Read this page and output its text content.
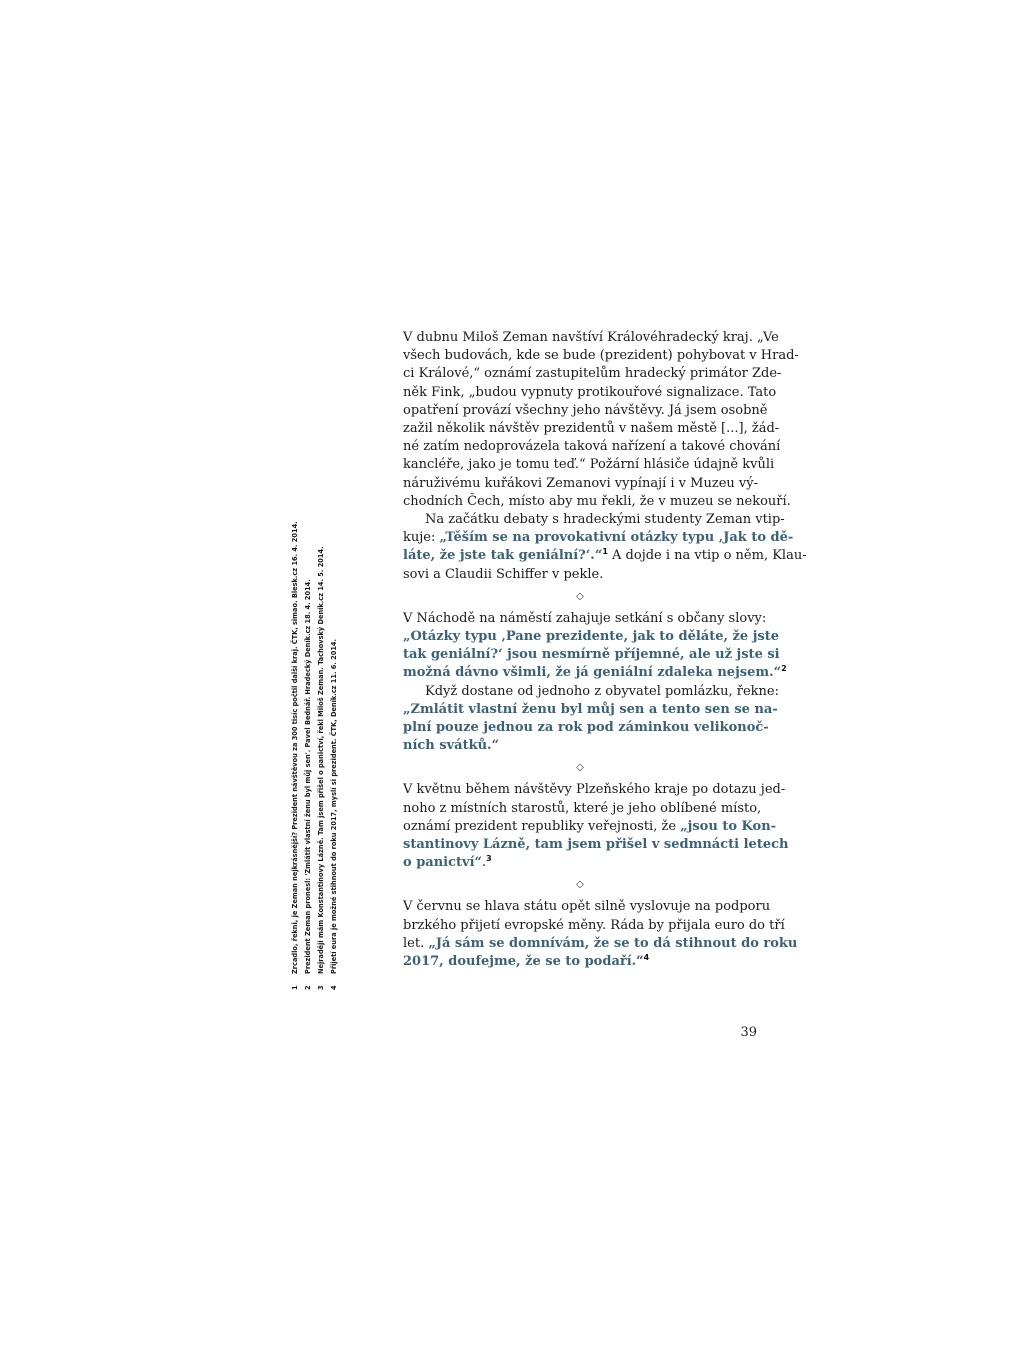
1Zrcadlo, řekni, je Zeman nejkrásnější? Prezident návštěvou za 300 tisíc počtil další kraj. ČTK, simao. Blesk.cz 16. 4. 2014.
2Prezident Zeman pronesl: 'Zmlátit vlastní ženu byl můj sen'. Pavel Bednář. Hradecký Deník.cz 18. 4. 2014.
3Nejraději mám Konstantinovy Lázně. Tam jsem přišel o panictví, řekl Miloš Zeman. Tachovský Deník.cz 14. 5. 2014.
4Přijetí eura je možné stihnout do roku 2017, myslí si prezident. ČTK, Deník.cz 11. 6. 2014.
V dubnu Miloš Zeman navštíví Královéhradecký kraj. „Ve
všech budovách, kde se bude (prezident) pohybovat v Hrad-
ci Králové,“ oznámí zastupitelům hradecký primátor Zde-
něk Fink, „budou vypnuty protikouřové signalizace. Tato
opatření provází všechny jeho návštěvy. Já jsem osobně
zažil několik návštěv prezidentů v našem městě [...], žád-
né zatím nedoprovázela taková nařízení a takové chování
kancléře, jako je tomu teď.“ Požární hlásiče údajně kvůli
náruživému kuřákovi Zemanovi vypínají i v Muzeu vý-
chodních Čech, místo aby mu řekli, že v muzeu se nekouří.
Na začátku debaty s hradeckými studenty Zeman vtip-
kuje: „Těším se na provokativní otázky typu ‚Jak to dě-
láte, že jste tak geniální?‘.“$^1$ A dojde i na vtip o něm, Klau-
sovi a Claudii Schiffer v pekle.
◇
V Náchodě na náměstí zahajuje setkání s občany slovy:
„Otázky typu ‚Pane prezidente, jak to děláte, že jste
tak geniální?‘ jsou nesmírně příjemné, ale už jste si
možná dávno všimli, že já geniální zdaleka nejsem.“$^2$
Když dostane od jednoho z obyvatel pomlázku, řekne:
„Zmlátit vlastní ženu byl můj sen a tento sen se na-
plní pouze jednou za rok pod záminkou velikonoč-
ních svátků.“
◇
V květnu během návštěvy Plzeňského kraje po dotazu jed-
noho z místních starostů, které je jeho oblíbené místo,
oznámí prezident republiky veřejnosti, že „jsou to Kon-
stantinovy Lázně, tam jsem přišel v sedmnácti letech
o panictví“.$^3$
◇
V červnu se hlava státu opět silně vyslovuje na podporu
brzkého přijetí evropské měny. Ráda by přijala euro do tří
let. „Já sám se domnívám, že se to dá stihnout do roku
2017, doufejme, že se to podaří.“$^4$
39
